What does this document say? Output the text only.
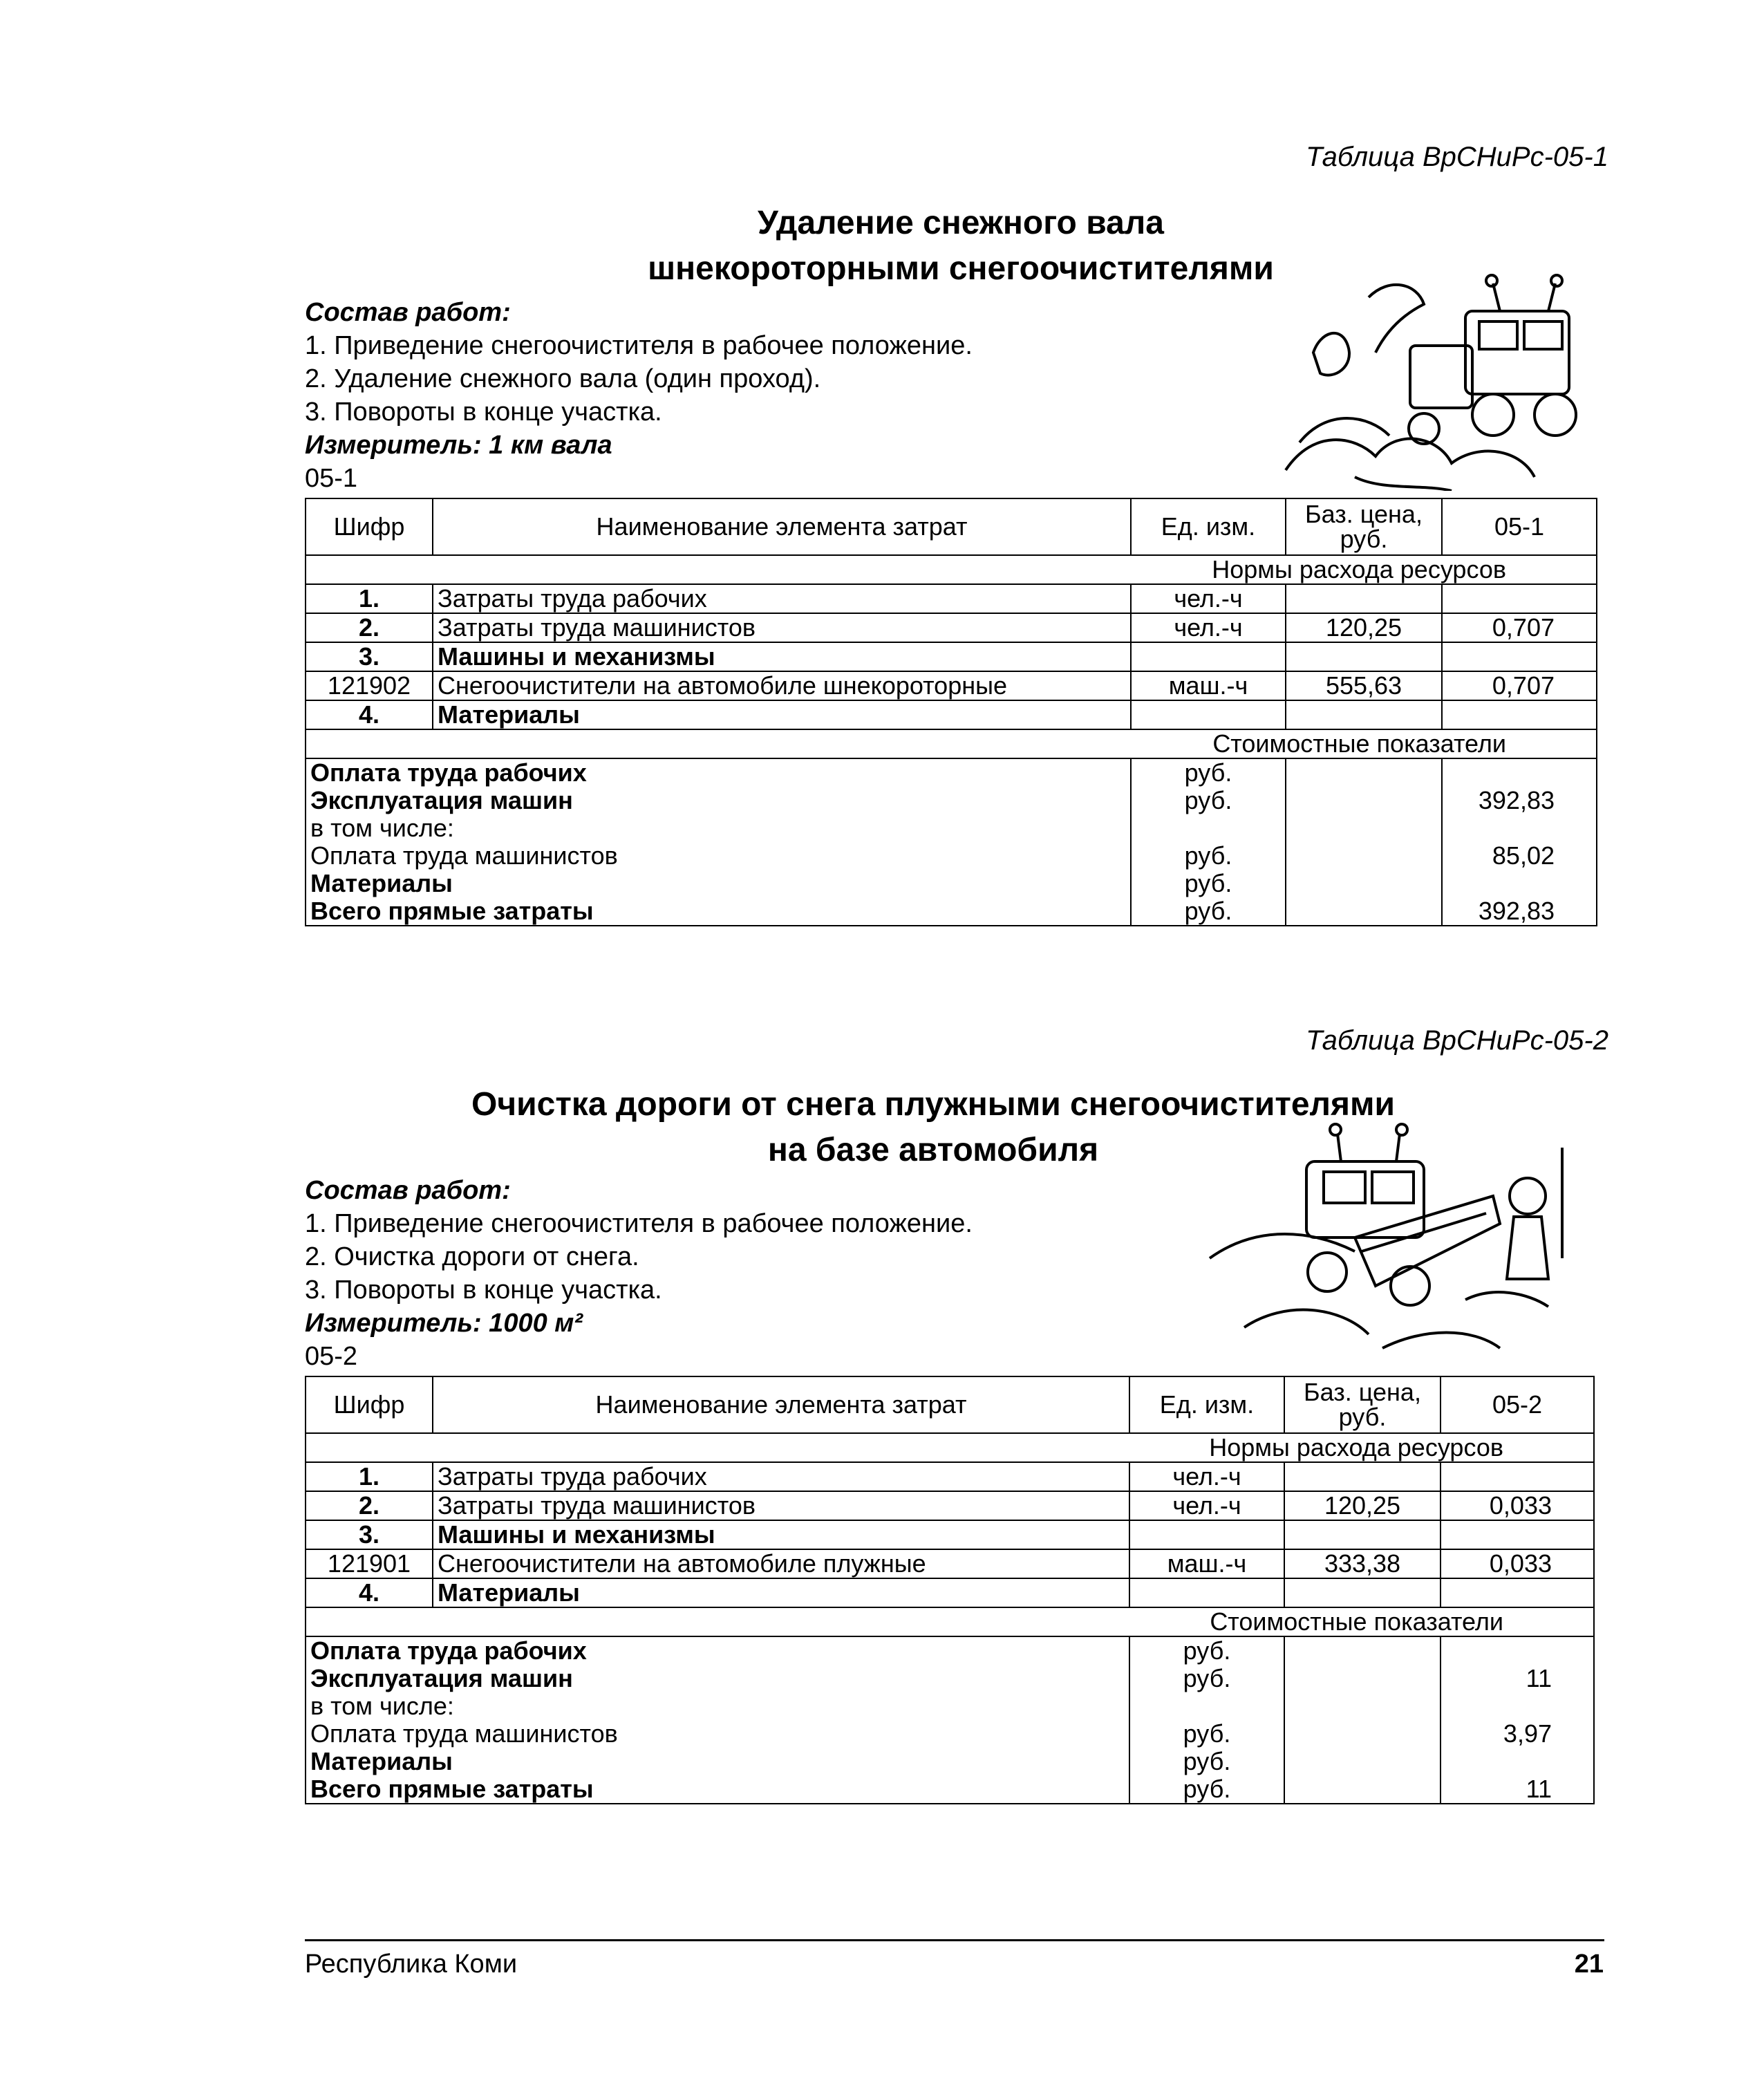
Таблица ВрСНиРс-05-1
Удаление снежного вала
шнекороторными снегоочистителями
Состав работ:
1. Приведение снегоочистителя в рабочее положение.
2. Удаление снежного вала (один проход).
3. Повороты в конце участка.
Измеритель: 1 км вала
05-1
Шифр	Наименование элемента затрат	Ед. изм.	Баз. цена, руб.	05-1
Нормы расхода ресурсов				
1.	Затраты труда рабочих	чел.-ч		
2.	Затраты труда машинистов	чел.-ч	120,25	0,707
3.	Машины и механизмы			
121902	Снегоочистители на автомобиле шнекороторные	маш.-ч	555,63	0,707
4.	Материалы			
Стоимостные показатели				
Оплата труда рабочих		руб.		
Эксплуатация машин		руб.		392,83
в том числе:				
Оплата труда машинистов		руб.		85,02
Материалы		руб.		
Всего прямые затраты		руб.		392,83
Таблица ВрСНиРс-05-2
Очистка дороги от снега плужными снегоочистителями
на базе автомобиля
Состав работ:
1. Приведение снегоочистителя в рабочее положение.
2. Очистка дороги от снега.
3. Повороты в конце участка.
Измеритель: 1000 м²
05-2
Шифр	Наименование элемента затрат	Ед. изм.	Баз. цена, руб.	05-2
Нормы расхода ресурсов				
1.	Затраты труда рабочих	чел.-ч		
2.	Затраты труда машинистов	чел.-ч	120,25	0,033
3.	Машины и механизмы			
121901	Снегоочистители на автомобиле плужные	маш.-ч	333,38	0,033
4.	Материалы			
Стоимостные показатели				
Оплата труда рабочих		руб.		
Эксплуатация машин		руб.		11
в том числе:				
Оплата труда машинистов		руб.		3,97
Материалы		руб.		
Всего прямые затраты		руб.		11
Республика Коми	21
